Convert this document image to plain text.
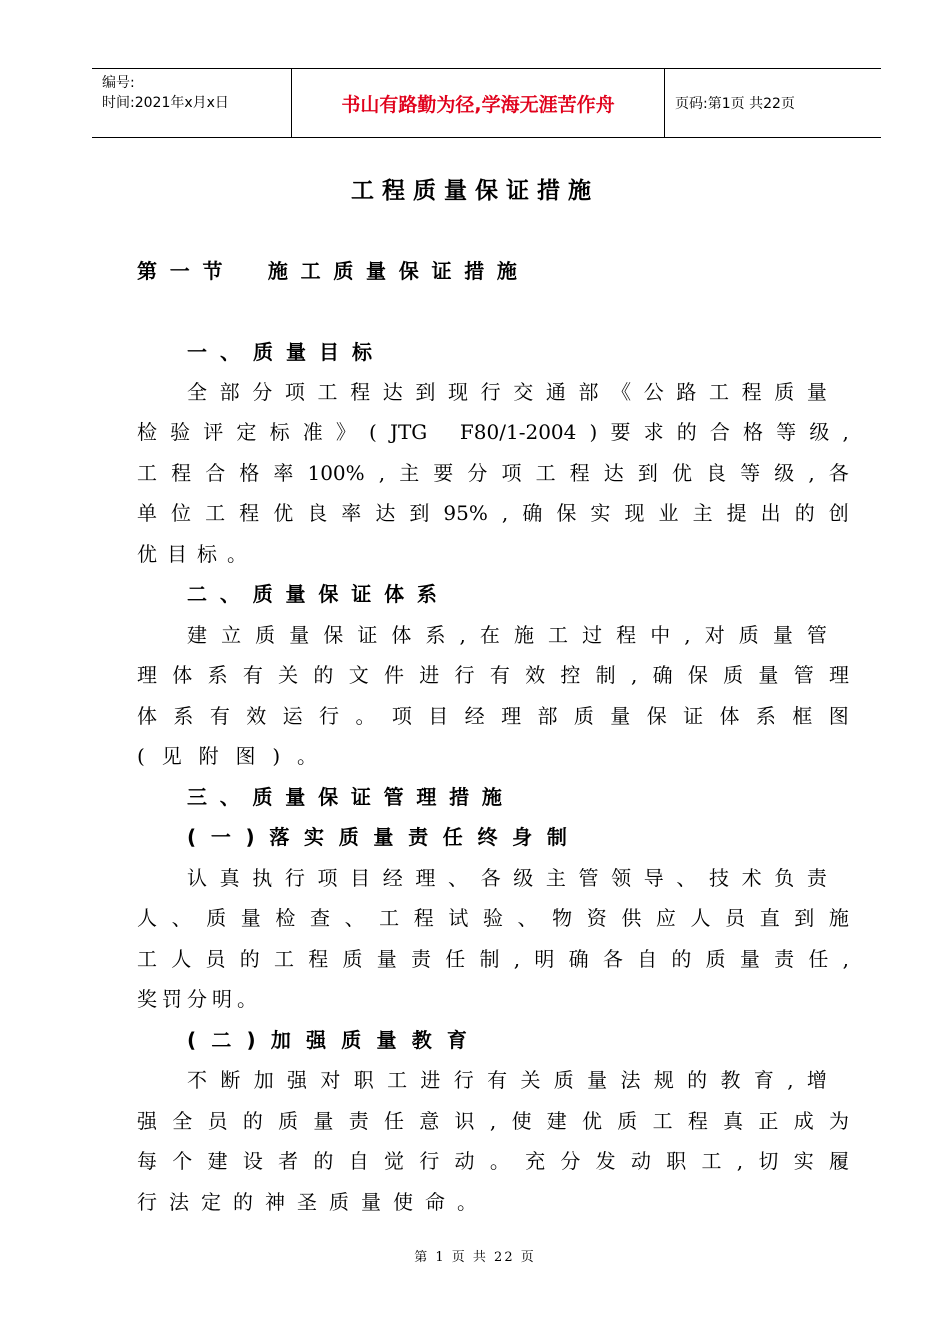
编号:
时间:2021年x月x日	书山有路勤为径,学海无涯苦作舟	页码:第1页 共22页
工程质量保证措施
第 一 节
施 工 质 量 保 证 措 施
一 、 质 量 目 标
全 部 分 项 工 程 达 到 现 行 交 通 部 《 公 路 工 程 质 量
检 验 评 定 标 准 》 ( JTG
F80/1-2004 ) 要 求 的 合 格 等 级 ,
工 程 合 格 率 100% , 主 要 分 项 工 程 达 到 优 良 等 级 , 各
单 位 工 程 优 良 率 达 到 95% , 确 保 实 现 业 主 提 出 的 创
优 目 标 。
二 、 质 量 保 证 体 系
建 立 质 量 保 证 体 系 , 在 施 工 过 程 中 , 对 质 量 管
理 体 系 有 关 的 文 件 进 行 有 效 控 制 , 确 保 质 量 管 理
体 系 有 效 运 行 。 项 目 经 理 部 质 量 保 证 体 系 框 图
( 见 附 图 ) 。
三 、 质 量 保 证 管 理 措 施
( 一 ) 落 实 质 量 责 任 终 身 制
认 真 执 行 项 目 经 理 、 各 级 主 管 领 导 、 技 术 负 责
人 、 质 量 检 查 、 工 程 试 验 、 物 资 供 应 人 员 直 到 施
工 人 员 的 工 程 质 量 责 任 制 , 明 确 各 自 的 质 量 责 任 ,
奖 罚 分 明 。
( 二 ) 加 强 质 量 教 育
不 断 加 强 对 职 工 进 行 有 关 质 量 法 规 的 教 育 , 增
强 全 员 的 质 量 责 任 意 识 , 使 建 优 质 工 程 真 正 成 为
每 个 建 设 者 的 自 觉 行 动 。 充 分 发 动 职 工 , 切 实 履
行 法 定 的 神 圣 质 量 使 命 。
第 1 页 共 22 页
